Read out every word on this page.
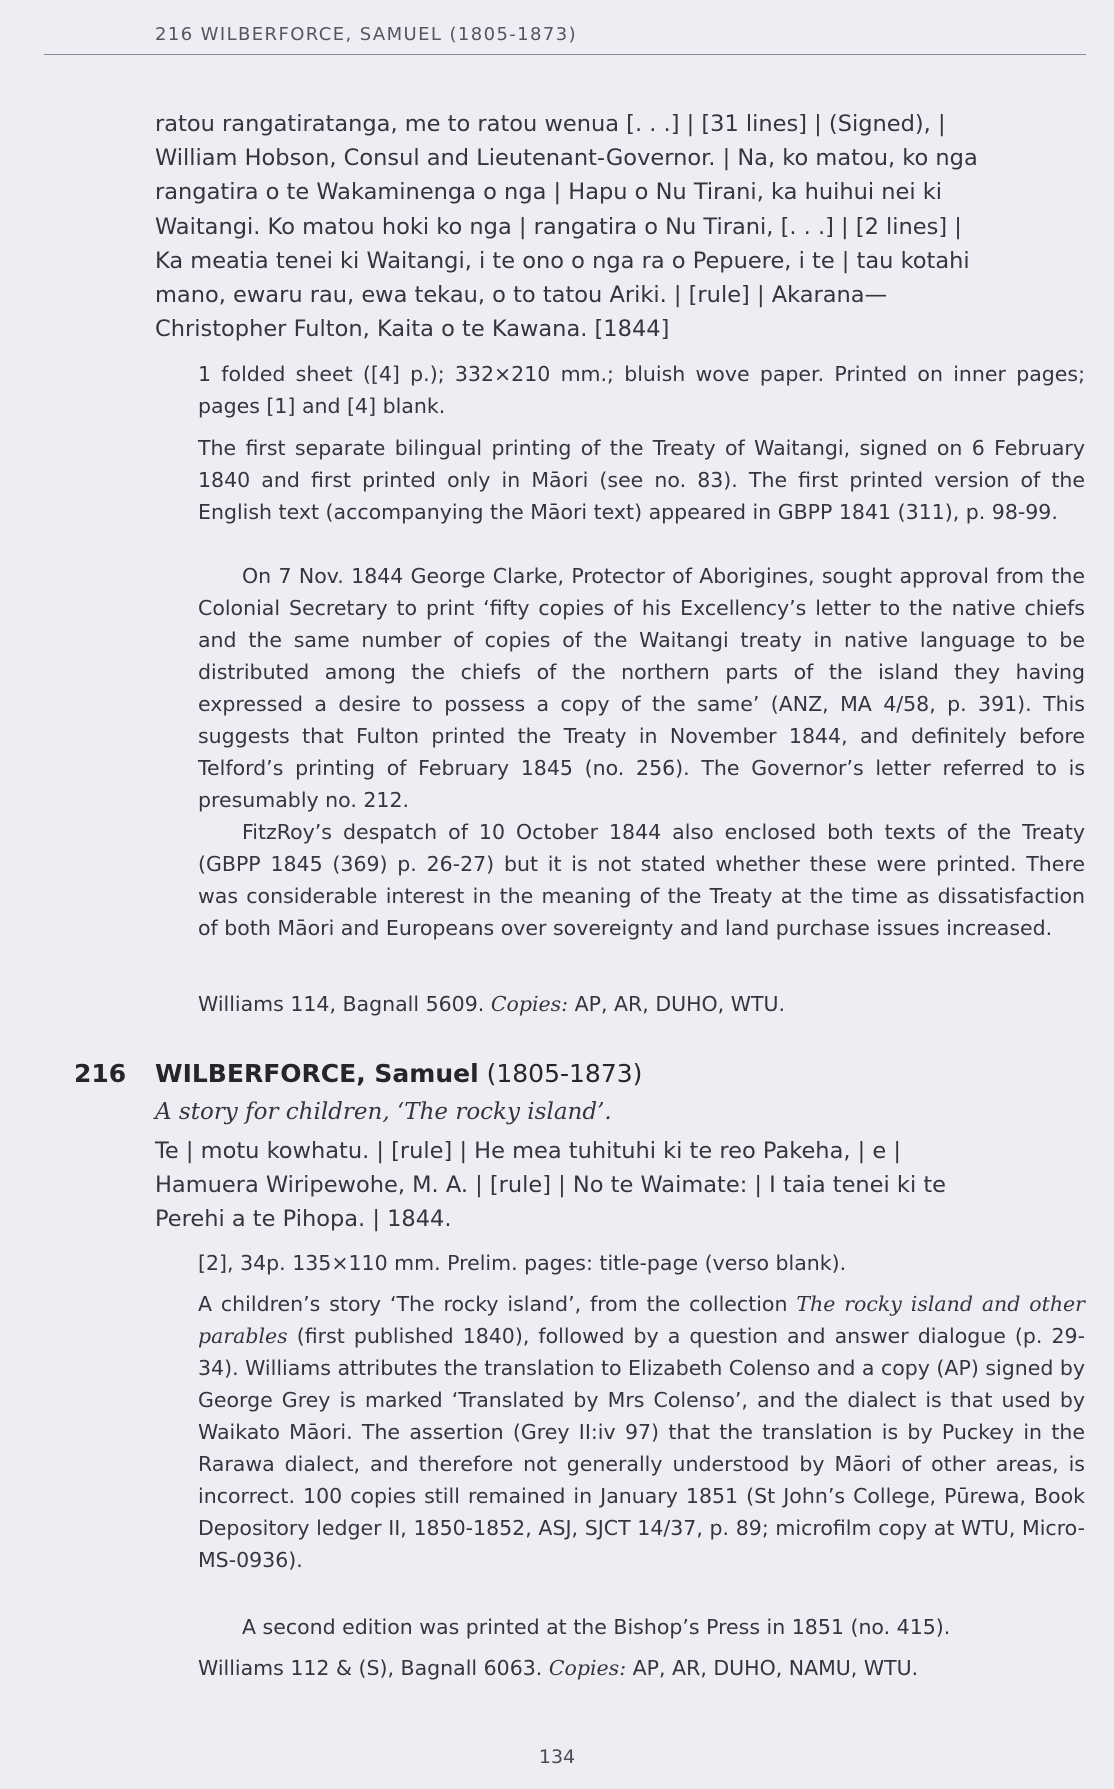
216 WILBERFORCE, SAMUEL (1805-1873)
ratou rangatiratanga, me to ratou wenua [. . .] | [31 lines] | (Signed), |
William Hobson, Consul and Lieutenant-Governor. | Na, ko matou, ko nga
rangatira o te Wakaminenga o nga | Hapu o Nu Tirani, ka huihui nei ki
Waitangi. Ko matou hoki ko nga | rangatira o Nu Tirani, [. . .] | [2 lines] |
Ka meatia tenei ki Waitangi, i te ono o nga ra o Pepuere, i te | tau kotahi
mano, ewaru rau, ewa tekau, o to tatou Ariki. | [rule] | Akarana—
Christopher Fulton, Kaita o te Kawana. [1844]
1 folded sheet ([4] p.); 332×210 mm.; bluish wove paper. Printed on inner pages; pages [1] and [4] blank.
The first separate bilingual printing of the Treaty of Waitangi, signed on 6 February 1840 and first printed only in Māori (see no. 83). The first printed version of the English text (accompanying the Māori text) appeared in GBPP 1841 (311), p. 98-99.
On 7 Nov. 1844 George Clarke, Protector of Aborigines, sought approval from the Colonial Secretary to print ‘fifty copies of his Excellency’s letter to the native chiefs and the same number of copies of the Waitangi treaty in native language to be distributed among the chiefs of the northern parts of the island they having expressed a desire to possess a copy of the same’ (ANZ, MA 4/58, p. 391). This suggests that Fulton printed the Treaty in November 1844, and definitely before Telford’s printing of February 1845 (no. 256). The Governor’s letter referred to is presumably no. 212.
FitzRoy’s despatch of 10 October 1844 also enclosed both texts of the Treaty (GBPP 1845 (369) p. 26-27) but it is not stated whether these were printed. There was considerable interest in the meaning of the Treaty at the time as dissatisfaction of both Māori and Europeans over sovereignty and land purchase issues increased.
Williams 114, Bagnall 5609. Copies: AP, AR, DUHO, WTU.
216 WILBERFORCE, Samuel (1805-1873)
A story for children, ‘The rocky island’.
Te | motu kowhatu. | [rule] | He mea tuhituhi ki te reo Pakeha, | e |
Hamuera Wiripewohe, M. A. | [rule] | No te Waimate: | I taia tenei ki te
Perehi a te Pihopa. | 1844.
[2], 34p. 135×110 mm. Prelim. pages: title-page (verso blank).
A children’s story ‘The rocky island’, from the collection The rocky island and other parables (first published 1840), followed by a question and answer dialogue (p. 29-34). Williams attributes the translation to Elizabeth Colenso and a copy (AP) signed by George Grey is marked ‘Translated by Mrs Colenso’, and the dialect is that used by Waikato Māori. The assertion (Grey II:iv 97) that the translation is by Puckey in the Rarawa dialect, and therefore not generally understood by Māori of other areas, is incorrect. 100 copies still remained in January 1851 (St John’s College, Pūrewa, Book Depository ledger II, 1850-1852, ASJ, SJCT 14/37, p. 89; microfilm copy at WTU, Micro-MS-0936).
A second edition was printed at the Bishop’s Press in 1851 (no. 415).
Williams 112 & (S), Bagnall 6063. Copies: AP, AR, DUHO, NAMU, WTU.
134
